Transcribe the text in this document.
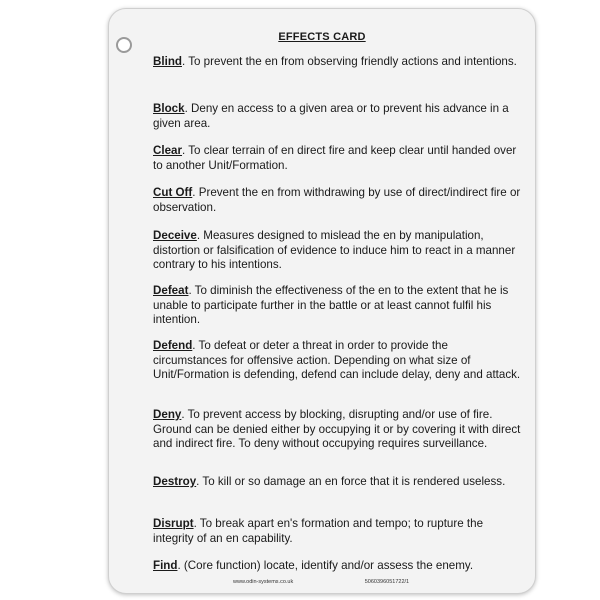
EFFECTS CARD

Blind. To prevent the en from observing friendly actions and intentions.

Block. Deny en access to a given area or to prevent his advance in a given area.

Clear. To clear terrain of en direct fire and keep clear until handed over to another Unit/Formation.

Cut Off. Prevent the en from withdrawing by use of direct/indirect fire or observation.

Deceive. Measures designed to mislead the en by manipulation, distortion or falsification of evidence to induce him to react in a manner contrary to his intentions.

Defeat. To diminish the effectiveness of the en to the extent that he is unable to participate further in the battle or at least cannot fulfil his intention.

Defend. To defeat or deter a threat in order to provide the circumstances for offensive action. Depending on what size of Unit/Formation is defending, defend can include delay, deny and attack.

Deny. To prevent access by blocking, disrupting and/or use of fire. Ground can be denied either by occupying it or by covering it with direct and indirect fire. To deny without occupying requires surveillance.

Destroy. To kill or so damage an en force that it is rendered useless.

Disrupt. To break apart en's formation and tempo; to rupture the integrity of an en capability.

Find. (Core function) locate, identify and/or assess the enemy.

www.odin-systems.co.uk	5060396051722/1
